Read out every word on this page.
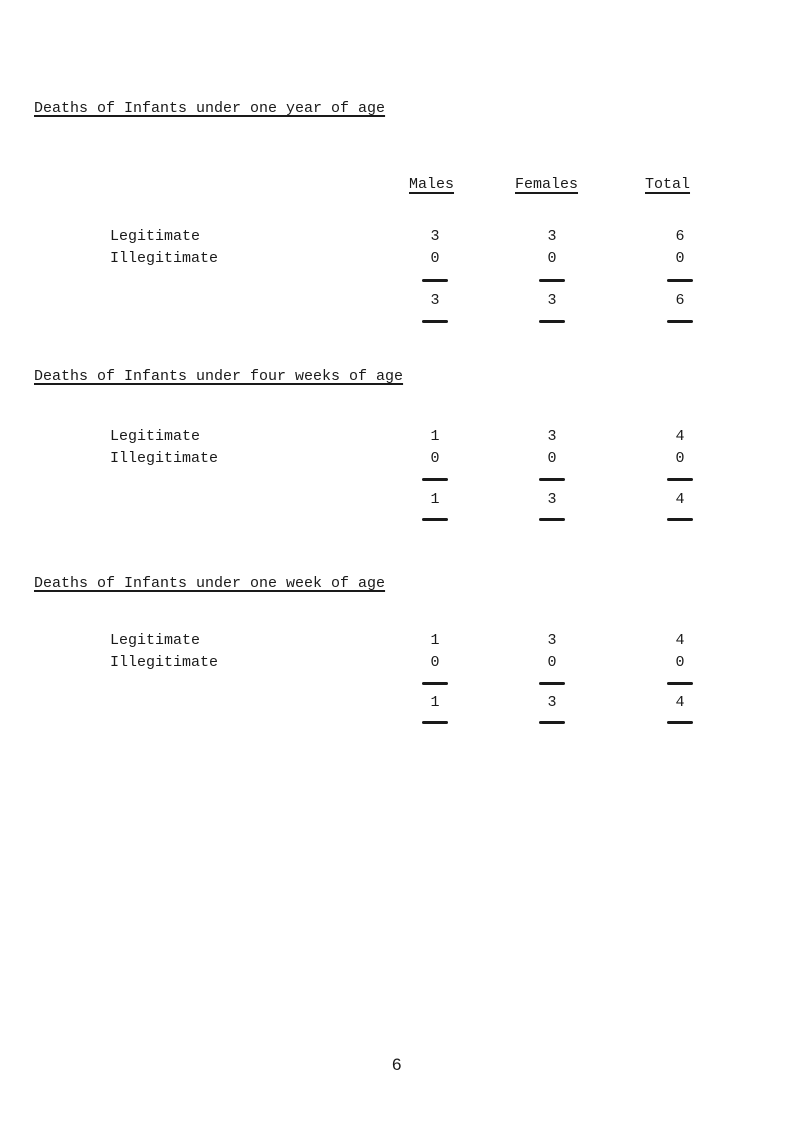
Deaths of Infants under one year of age
Males	Females	Total
Legitimate	3	3	6
Illegitimate	0	0	0
3	3	6
Deaths of Infants under four weeks of age
Legitimate	1	3	4
Illegitimate	0	0	0
1	3	4
Deaths of Infants under one week of age
Legitimate	1	3	4
Illegitimate	0	0	0
1	3	4
6
